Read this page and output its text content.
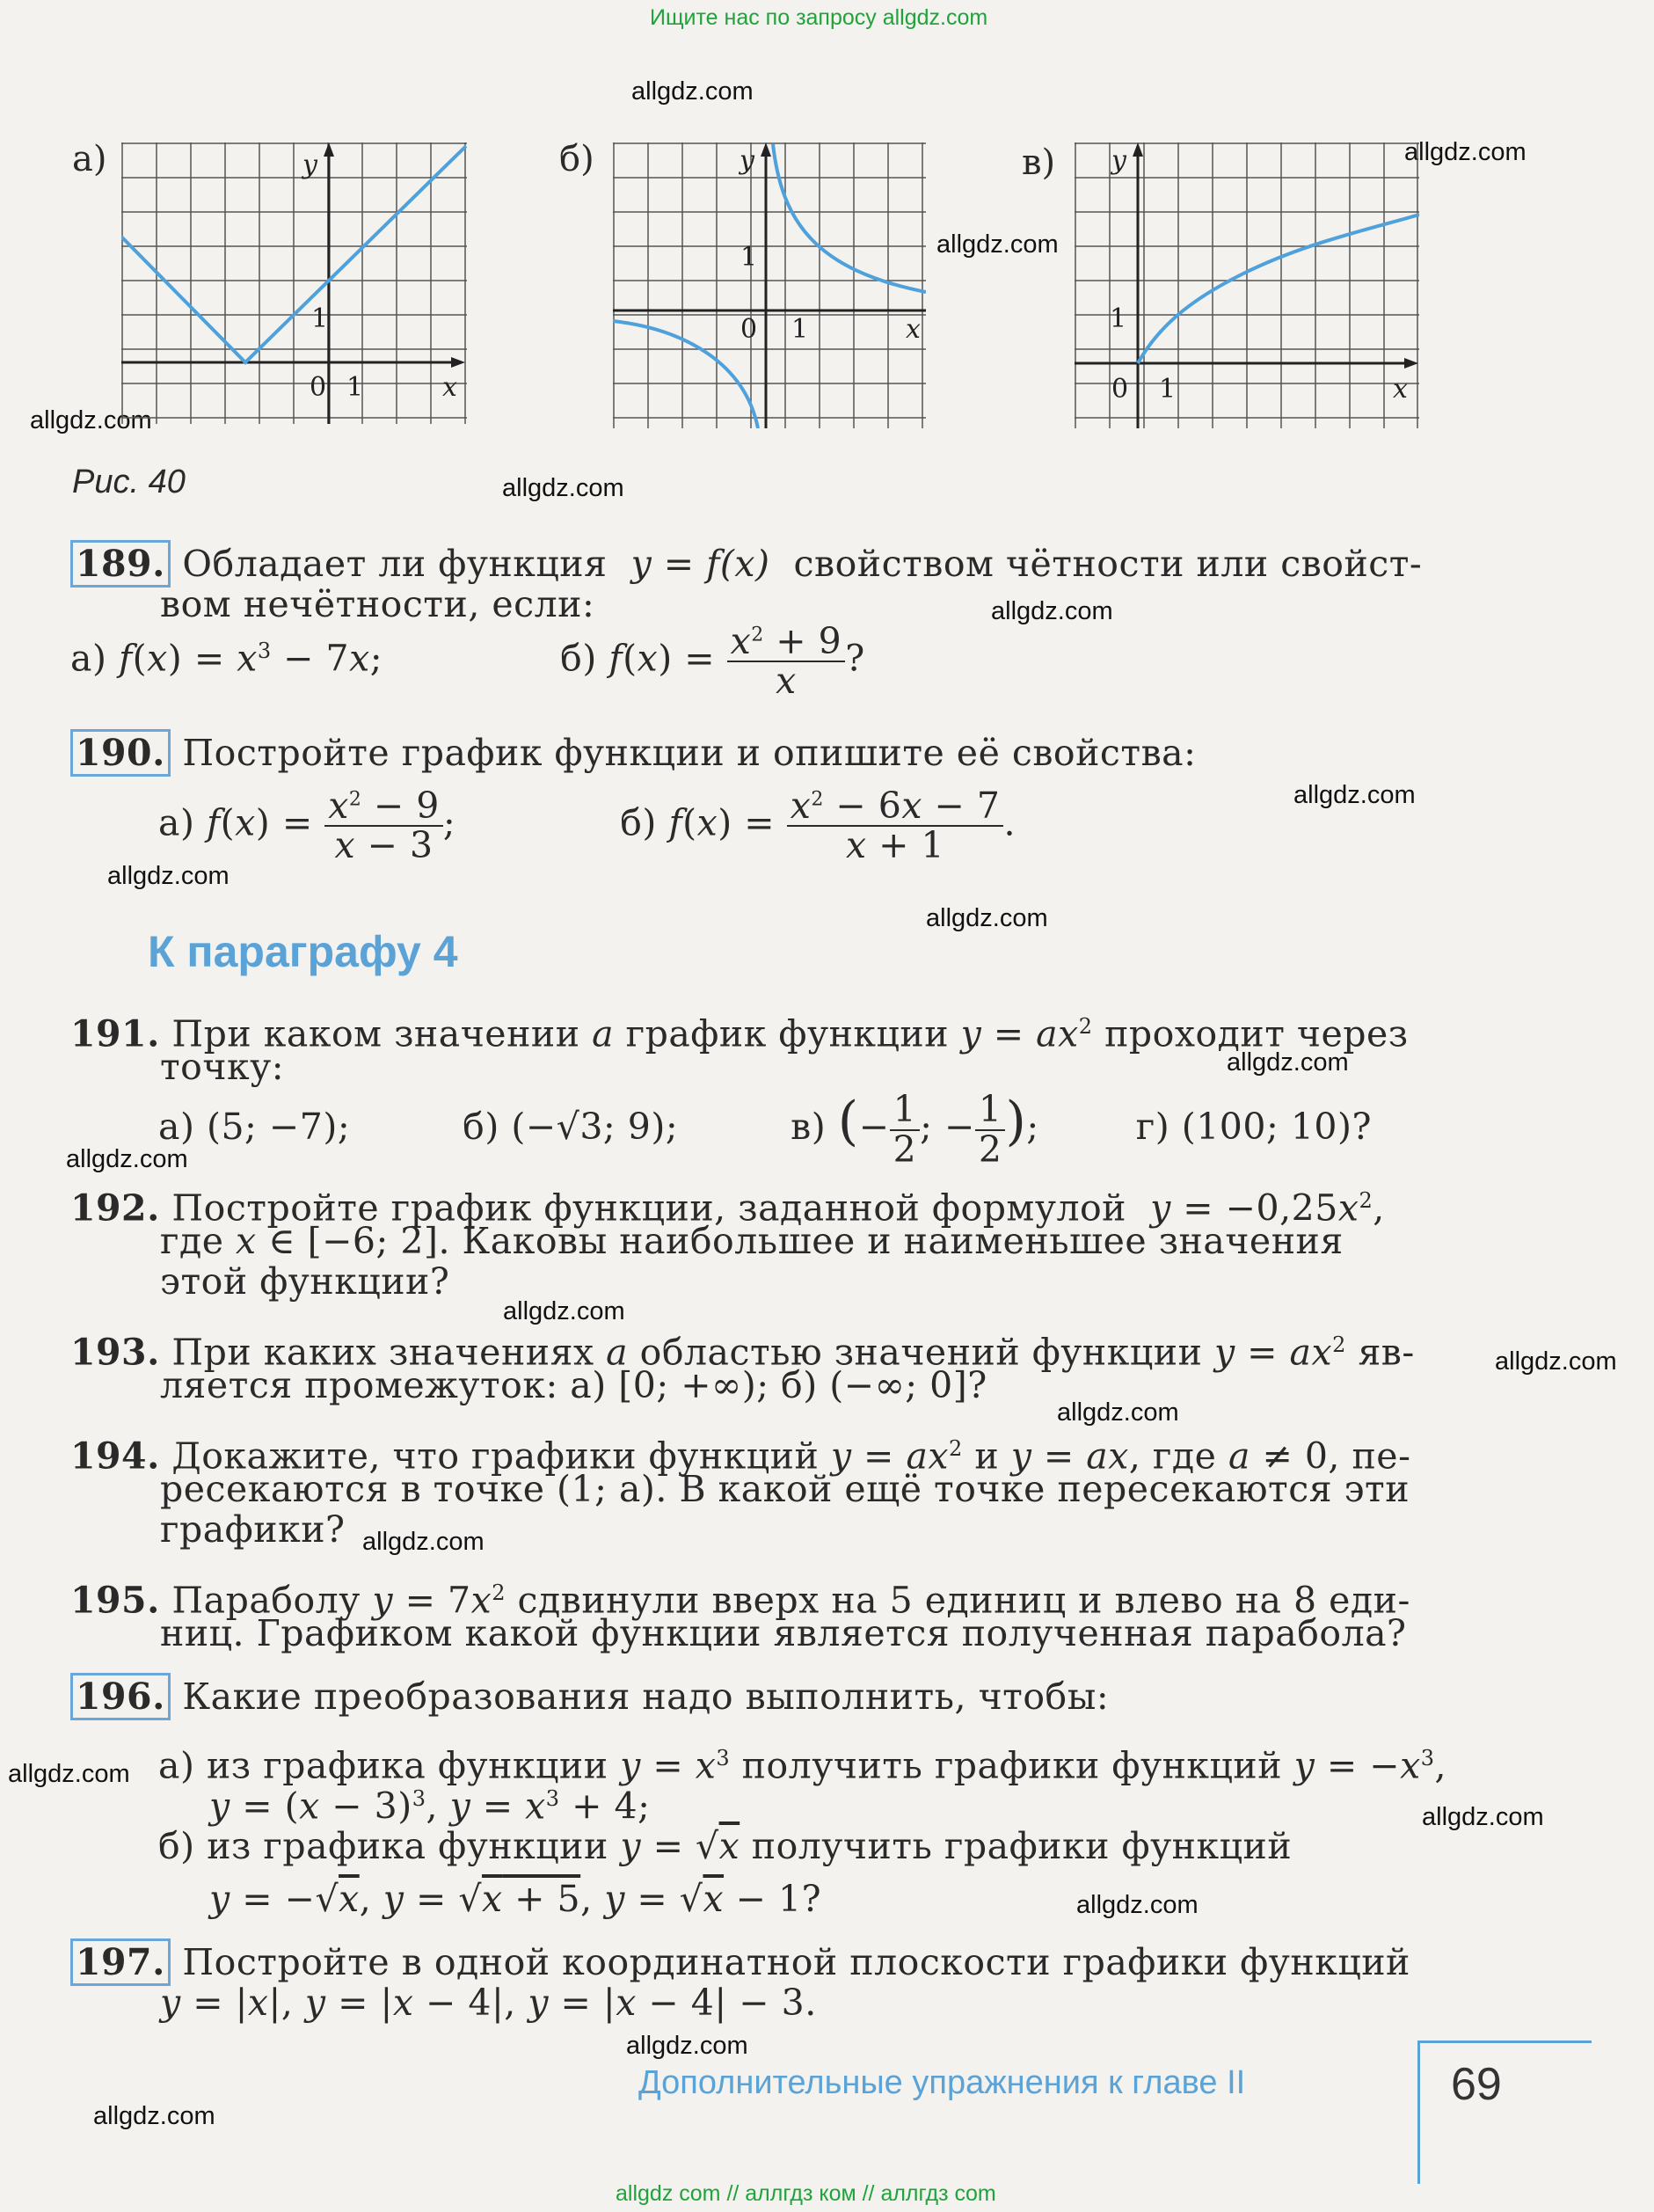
Ищите нас по запросу allgdz.com
allgdz.com
allgdz.com
allgdz.com
allgdz.com
allgdz.com
allgdz.com
allgdz.com
allgdz.com
allgdz.com
allgdz.com
allgdz.com
allgdz.com
allgdz.com
allgdz.com
allgdz.com
allgdz.com
allgdz.com
allgdz.com
allgdz.com
allgdz.com
allgdz com // аллгдз ком // аллгдз com
а)	б)	в)
y
1
0 1	x
y
1
0 1	x
y
1
0 1	x
Рис. 40
189. Обладает ли функция  y = f(x)  свойством чётности или свойст-
вом нечётности, если:
а) $f(x) = x^3 - 7x$;	б) $f(x) = \frac{x^2 + 9}{x}$ ?
190. Постройте график функции и опишите её свойства:
а) $f(x) = \frac{x^2 - 9}{x - 3}$ ;	б) $f(x) = \frac{x^2 - 6x - 7}{x + 1}$ .
К параграфу 4
191. При каком значении a график функции $y = ax^2$ проходит через
точку:
а) (5; −7);	б) (−√3; 9);	в) (− $\frac{1}{2}$ ; − $\frac{1}{2}$ );	г) (100; 10)?
192. Постройте график функции, заданной формулой  $y = -0,25x^2$,
где x ∈ [−6; 2]. Каковы наибольшее и наименьшее значения
этой функции?
193. При каких значениях a областью значений функции $y = ax^2$ яв-
ляется промежуток: а) [0; +∞); б) (−∞; 0]?
194. Докажите, что графики функций $y = ax^2$ и y = ax, где a ≠ 0, пе-
ресекаются в точке (1; a). В какой ещё точке пересекаются эти
графики?
195. Параболу $y = 7x^2$ сдвинули вверх на 5 единиц и влево на 8 еди-
ниц. Графиком какой функции является полученная парабола?
196. Какие преобразования надо выполнить, чтобы:
а) из графика функции $y = x^3$ получить графики функций $y = -x^3$,
$y = (x - 3)^3$, $y = x^3 + 4$;
б) из графика функции y = √x получить графики функций
y = −√x, y = √x + 5, y = √x − 1?
197. Постройте в одной координатной плоскости графики функций
y = |x|, y = |x − 4|, y = |x − 4| − 3.
Дополнительные упражнения к главе II	69
